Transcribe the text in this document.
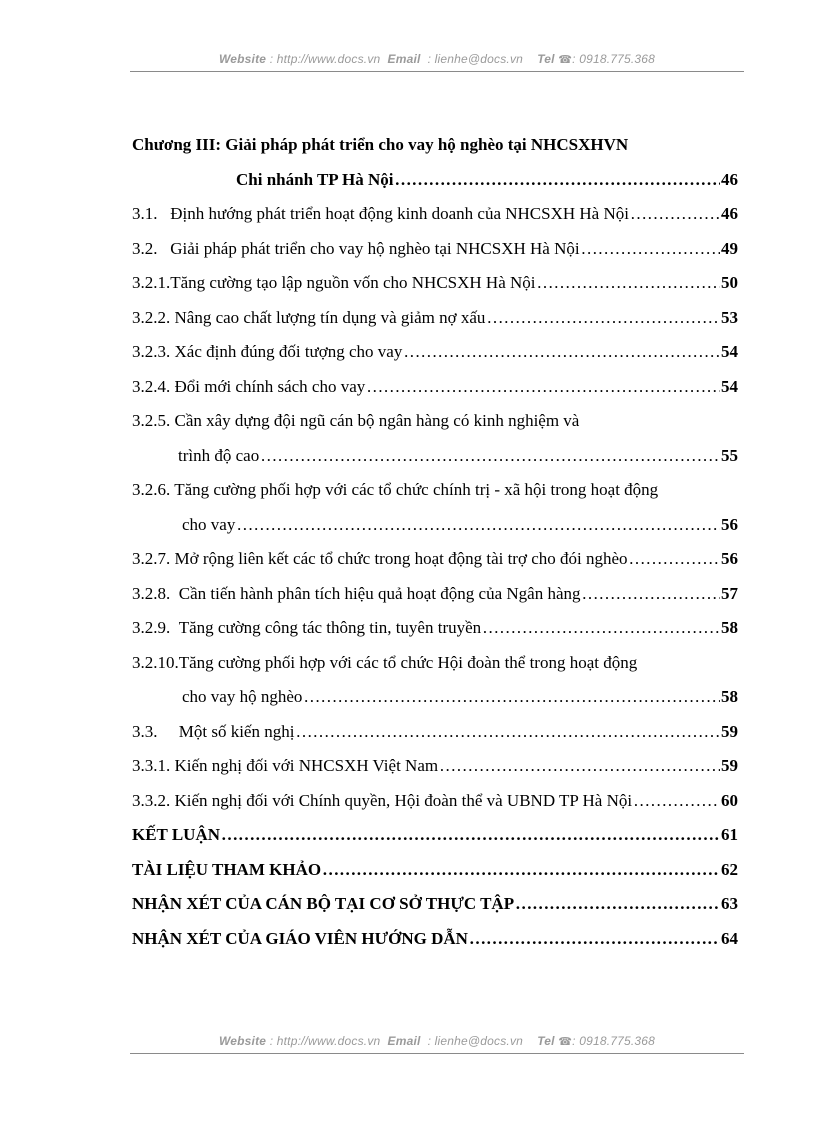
Website : http://www.docs.vn Email  : lienhe@docs.vn Tel ☎: 0918.775.368
Chương III: Giải pháp phát triển cho vay hộ nghèo tại NHCSXHVN
Chi nhánh TP Hà Nội ……………………………………………………………………………………………………………………………………	46
3.1. Định hướng phát triển hoạt động kinh doanh của NHCSXH Hà Nội ……………………………………………………………………………………………………………………………………	46
3.2. Giải pháp phát triển cho vay hộ nghèo tại NHCSXH Hà Nội ……………………………………………………………………………………………………………………………………	49
3.2.1. Tăng cường tạo lập nguồn vốn cho NHCSXH Hà Nội ……………………………………………………………………………………………………………………………………	50
3.2.2. Nâng cao chất lượng tín dụng và giảm nợ xấu ……………………………………………………………………………………………………………………………………	53
3.2.3. Xác định đúng đối tượng cho vay ……………………………………………………………………………………………………………………………………	54
3.2.4. Đổi mới chính sách cho vay ……………………………………………………………………………………………………………………………………	54
3.2.5. Cần xây dựng đội ngũ cán bộ ngân hàng có kinh nghiệm và
trình độ cao ……………………………………………………………………………………………………………………………………	55
3.2.6. Tăng cường phối hợp với các tổ chức chính trị - xã hội trong hoạt động
cho vay ……………………………………………………………………………………………………………………………………	56
3.2.7. Mở rộng liên kết các tổ chức trong hoạt động tài trợ cho đói nghèo ……………………………………………………………………………………………………………………………………	56
3.2.8. Cần tiến hành phân tích hiệu quả hoạt động của Ngân hàng ……………………………………………………………………………………………………………………………………	57
3.2.9. Tăng cường công tác thông tin, tuyên truyền ……………………………………………………………………………………………………………………………………	58
3.2.10.Tăng cường phối hợp với các tổ chức Hội đoàn thể trong hoạt động
cho vay hộ nghèo ……………………………………………………………………………………………………………………………………	58
3.3. Một số kiến nghị ……………………………………………………………………………………………………………………………………	59
3.3.1. Kiến nghị đối với NHCSXH Việt Nam ……………………………………………………………………………………………………………………………………	59
3.3.2. Kiến nghị đối với Chính quyền, Hội đoàn thể và UBND TP Hà Nội ……………………………………………………………………………………………………………………………………	60
KẾT LUẬN ……………………………………………………………………………………………………………………………………	61
TÀI LIỆU THAM KHẢO ……………………………………………………………………………………………………………………………………	62
NHẬN XÉT CỦA CÁN BỘ TẠI CƠ SỞ THỰC TẬP ……………………………………………………………………………………………………………………………………	63
NHẬN XÉT CỦA GIÁO VIÊN HƯỚNG DẪN ……………………………………………………………………………………………………………………………………	64
Website : http://www.docs.vn Email  : lienhe@docs.vn Tel ☎: 0918.775.368
